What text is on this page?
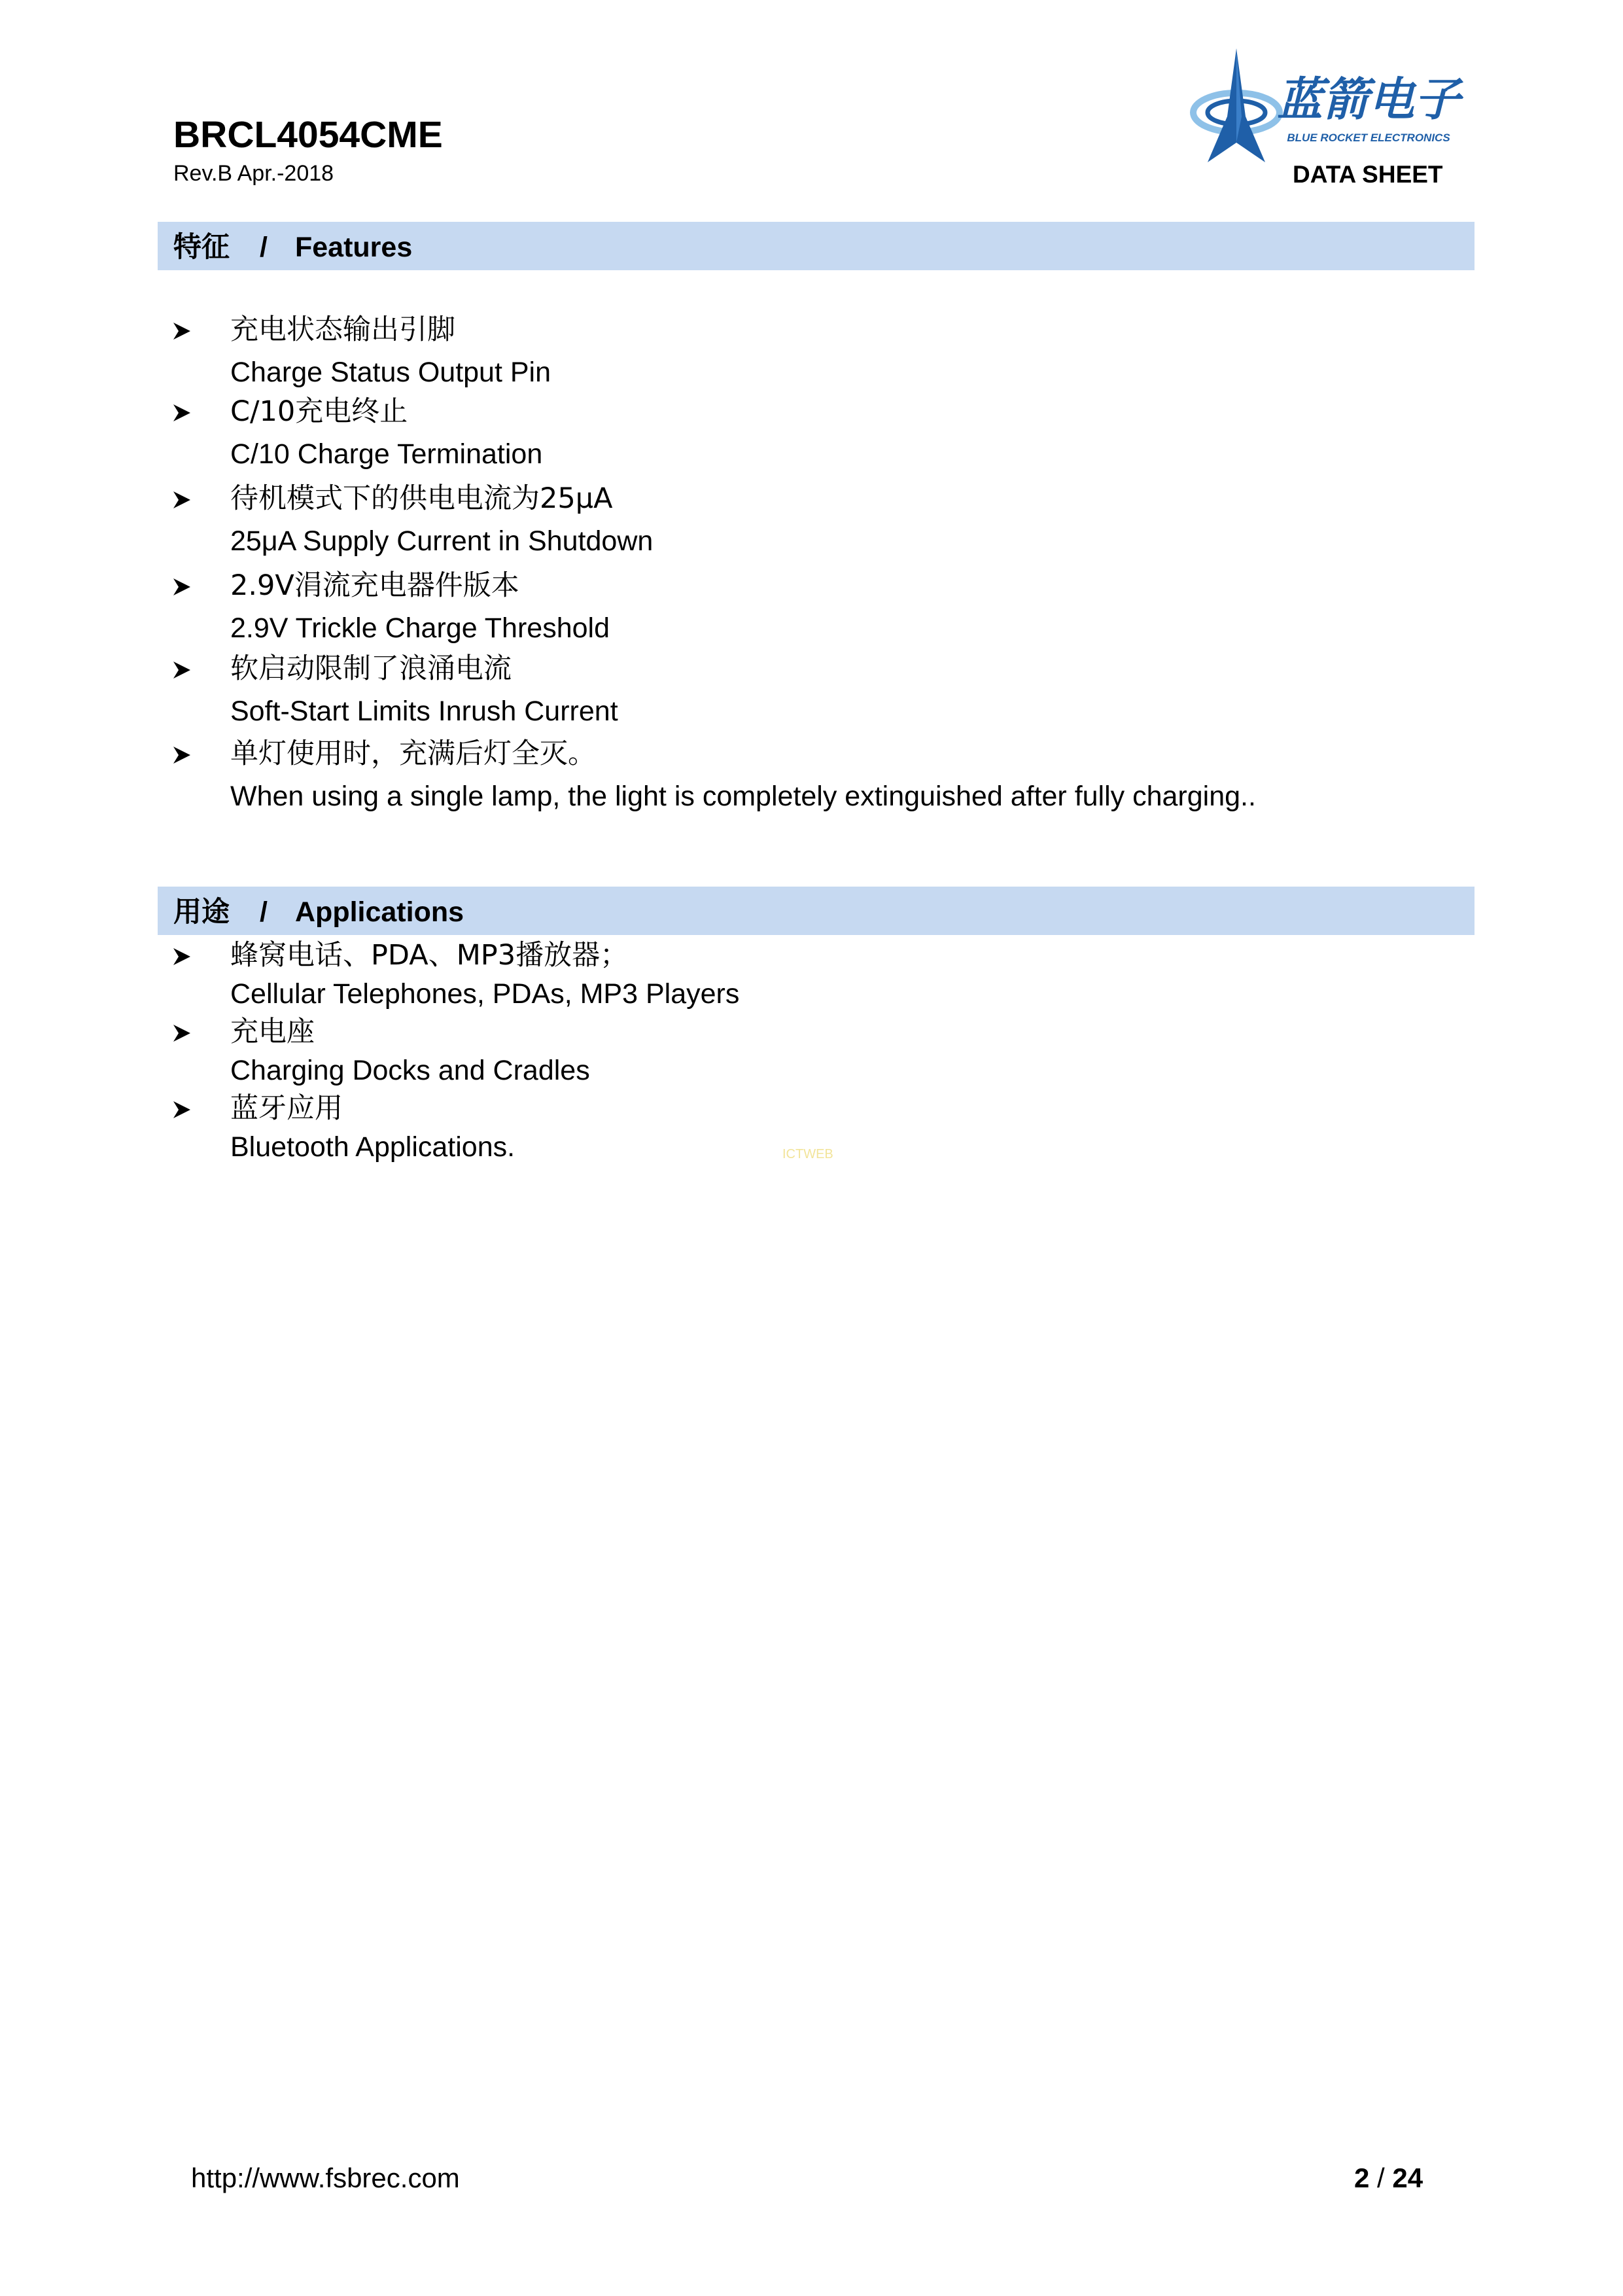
BRCL4054CME
Rev.B Apr.-2018
蓝箭电子
BLUE ROCKET ELECTRONICS
DATA SHEET
特征 / Features
充电状态输出引脚
Charge Status Output Pin
C/10充电终止
C/10 Charge Termination
待机模式下的供电电流为25μA
25μA Supply Current in Shutdown
2.9V涓流充电器件版本
2.9V Trickle Charge Threshold
软启动限制了浪涌电流
Soft-Start Limits Inrush Current
单灯使用时，充满后灯全灭。
When using a single lamp, the light is completely extinguished after fully charging..
用途 / Applications
蜂窝电话、PDA、MP3播放器；
Cellular Telephones, PDAs, MP3 Players
充电座
Charging Docks and Cradles
蓝牙应用
Bluetooth Applications.	ICTWEB
http://www.fsbrec.com	2 / 24
